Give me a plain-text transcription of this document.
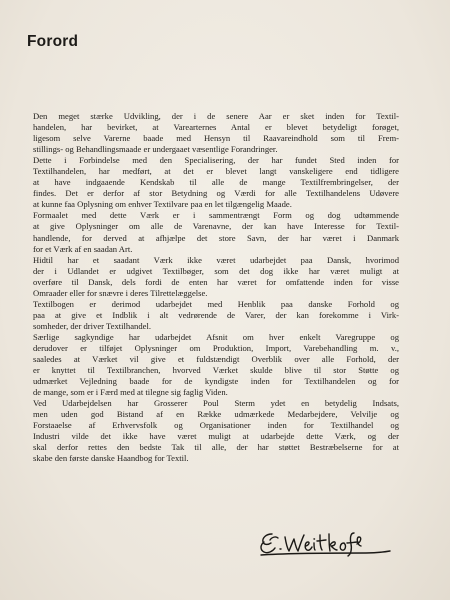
Forord

Den meget stærke Udvikling, der i de senere Aar er sket inden for Textil-
handelen, har bevirket, at Varearternes Antal er blevet betydeligt forøget,
ligesom selve Varerne baade med Hensyn til Raavareindhold som til Frem-
stillings- og Behandlingsmaade er undergaaet væsentlige Forandringer.

Dette i Forbindelse med den Specialisering, der har fundet Sted inden for
Textilhandelen, har medført, at det er blevet langt vanskeligere end tidligere
at have indgaaende Kendskab til alle de mange Textilfrembringelser, der
findes. Det er derfor af stor Betydning og Værdi for alle Textilhandelens Udøvere
at kunne faa Oplysning om enhver Textilvare paa en let tilgængelig Maade.

Formaalet med dette Værk er i sammentrængt Form og dog udtømmende
at give Oplysninger om alle de Varenavne, der kan have Interesse for Textil-
handlende, for derved at afhjælpe det store Savn, der har været i Danmark
for et Værk af en saadan Art.

Hidtil har et saadant Værk ikke været udarbejdet paa Dansk, hvorimod
der i Udlandet er udgivet Textilbøger, som det dog ikke har været muligt at
overføre til Dansk, dels fordi de enten har været for omfattende inden for visse
Omraader eller for snævre i deres Tilrettelæggelse.

Textilbogen er derimod udarbejdet med Henblik paa danske Forhold og
paa at give et Indblik i alt vedrørende de Varer, der kan forekomme i Virk-
somheder, der driver Textilhandel.

Særlige sagkyndige har udarbejdet Afsnit om hver enkelt Varegruppe og
derudover er tilføjet Oplysninger om Produktion, Import, Varebehandling m. v.,
saaledes at Værket vil give et fuldstændigt Overblik over alle Forhold, der
er knyttet til Textilbranchen, hvorved Værket skulde blive til stor Støtte og
udmærket Vejledning baade for de kyndigste inden for Textilhandelen og for
de mange, som er i Færd med at tilegne sig faglig Viden.

Ved Udarbejdelsen har Grosserer Poul Sterm ydet en betydelig Indsats,
men uden god Bistand af en Række udmærkede Medarbejdere, Velvilje og
Forstaaelse af Erhvervsfolk og Organisationer inden for Textilhandel og
Industri vilde det ikke have været muligt at udarbejde dette Værk, og der
skal derfor rettes den bedste Tak til alle, der har støttet Bestræbelserne for at
skabe den første danske Haandbog for Textil.
